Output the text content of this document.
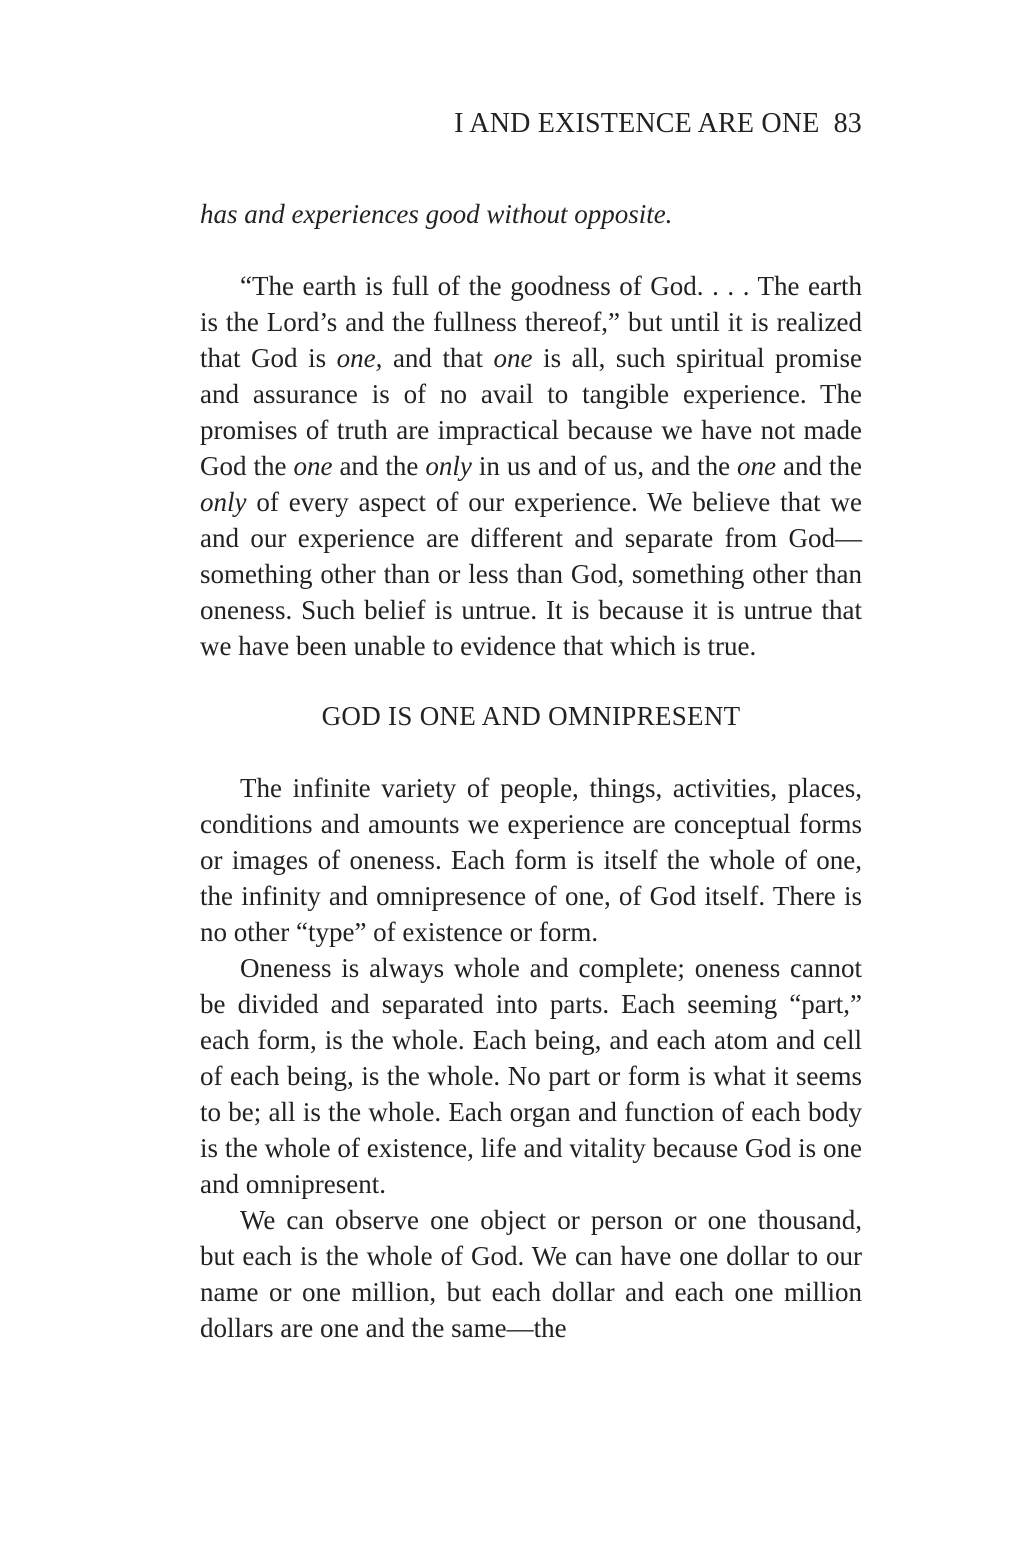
I AND EXISTENCE ARE ONE 83

has and experiences good without opposite.

“The earth is full of the goodness of God. . . . The earth is the Lord’s and the fullness thereof,” but until it is realized that God is one, and that one is all, such spiritual promise and assurance is of no avail to tangible experience. The promises of truth are impractical because we have not made God the one and the only in us and of us, and the one and the only of every aspect of our experience. We believe that we and our experience are different and separate from God—something other than or less than God, something other than oneness. Such belief is untrue. It is because it is untrue that we have been unable to evidence that which is true.

GOD IS ONE AND OMNIPRESENT

The infinite variety of people, things, activities, places, conditions and amounts we experience are conceptual forms or images of oneness. Each form is itself the whole of one, the infinity and omnipresence of one, of God itself. There is no other “type” of existence or form.

Oneness is always whole and complete; oneness cannot be divided and separated into parts. Each seeming “part,” each form, is the whole. Each being, and each atom and cell of each being, is the whole. No part or form is what it seems to be; all is the whole. Each organ and function of each body is the whole of existence, life and vitality because God is one and omnipresent.

We can observe one object or person or one thousand, but each is the whole of God. We can have one dollar to our name or one million, but each dollar and each one million dollars are one and the same—the
